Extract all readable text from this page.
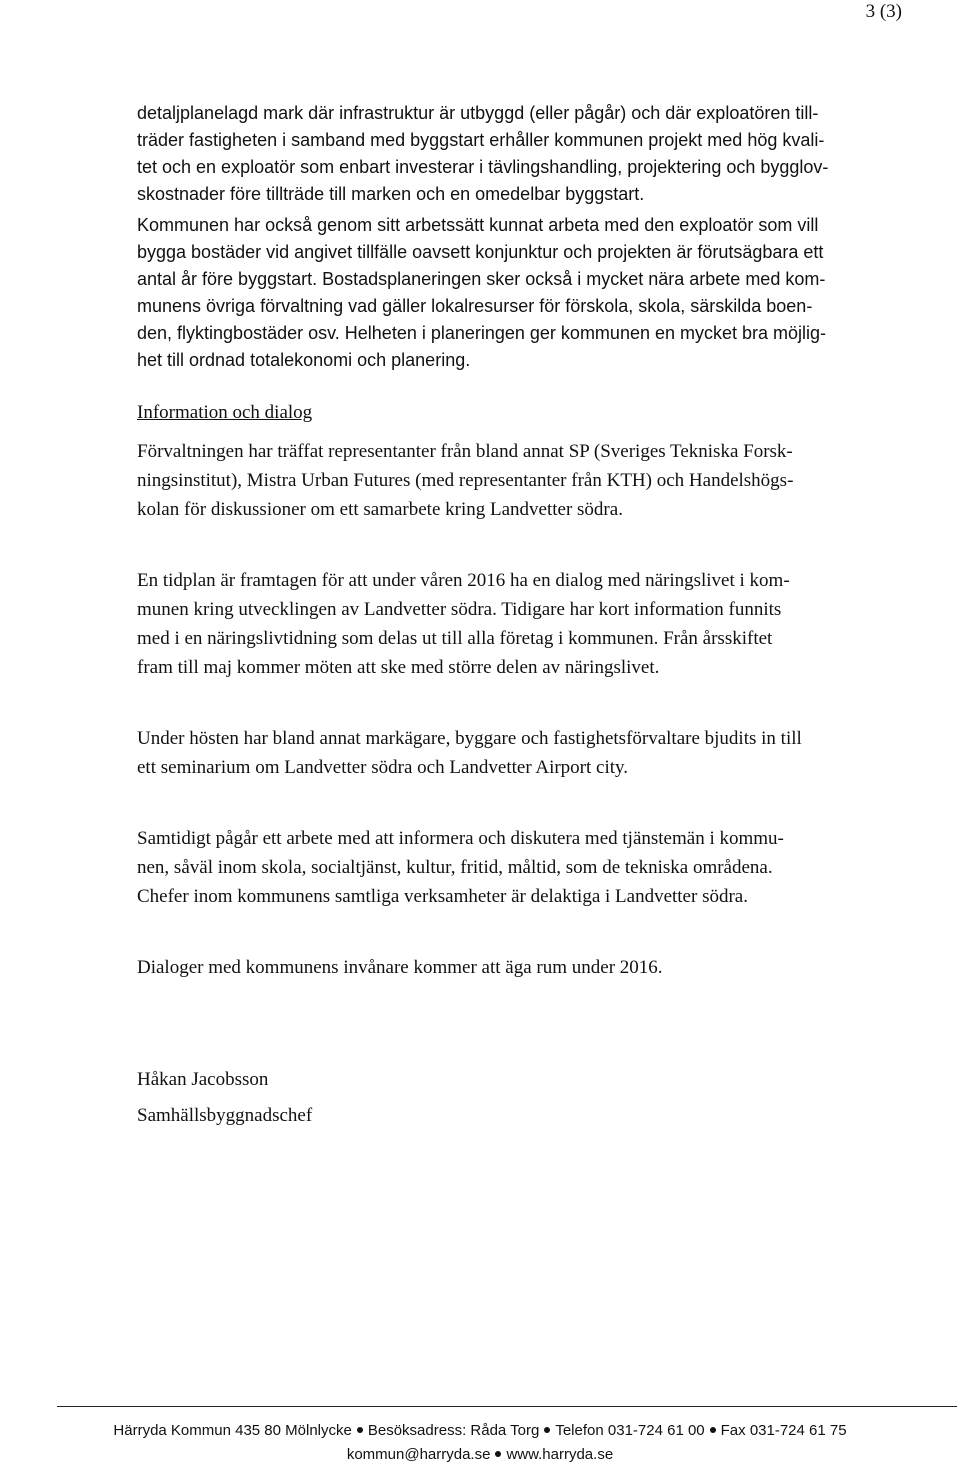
3 (3)
detaljplanelagd mark där infrastruktur är utbyggd (eller pågår) och där exploatören till-
träder fastigheten i samband med byggstart erhåller kommunen projekt med hög kvali-
tet och en exploatör som enbart investerar i tävlingshandling, projektering och bygglov-
skostnader före tillträde till marken och en omedelbar byggstart.
Kommunen har också genom sitt arbetssätt kunnat arbeta med den exploatör som vill
bygga bostäder vid angivet tillfälle oavsett konjunktur och projekten är förutsägbara ett
antal år före byggstart. Bostadsplaneringen sker också i mycket nära arbete med kom-
munens övriga förvaltning vad gäller lokalresurser för förskola, skola, särskilda boen-
den, flyktingbostäder osv. Helheten i planeringen ger kommunen en mycket bra möjlig-
het till ordnad totalekonomi och planering.
Information och dialog
Förvaltningen har träffat representanter från bland annat SP (Sveriges Tekniska Forsk-
ningsinstitut), Mistra Urban Futures (med representanter från KTH) och Handelshögs-
kolan för diskussioner om ett samarbete kring Landvetter södra.
En tidplan är framtagen för att under våren 2016 ha en dialog med näringslivet i kom-
munen kring utvecklingen av Landvetter södra. Tidigare har kort information funnits
med i en näringslivtidning som delas ut till alla företag i kommunen. Från årsskiftet
fram till maj kommer möten att ske med större delen av näringslivet.
Under hösten har bland annat markägare, byggare och fastighetsförvaltare bjudits in till
ett seminarium om Landvetter södra och Landvetter Airport city.
Samtidigt pågår ett arbete med att informera och diskutera med tjänstemän i kommu-
nen, såväl inom skola, socialtjänst, kultur, fritid, måltid, som de tekniska områdena.
Chefer inom kommunens samtliga verksamheter är delaktiga i Landvetter södra.
Dialoger med kommunens invånare kommer att äga rum under 2016.
Håkan Jacobsson
Samhällsbyggnadschef
Härryda Kommun 435 80 Mölnlycke Besöksadress: Råda Torg Telefon 031-724 61 00 Fax 031-724 61 75
kommun@harryda.se www.harryda.se
